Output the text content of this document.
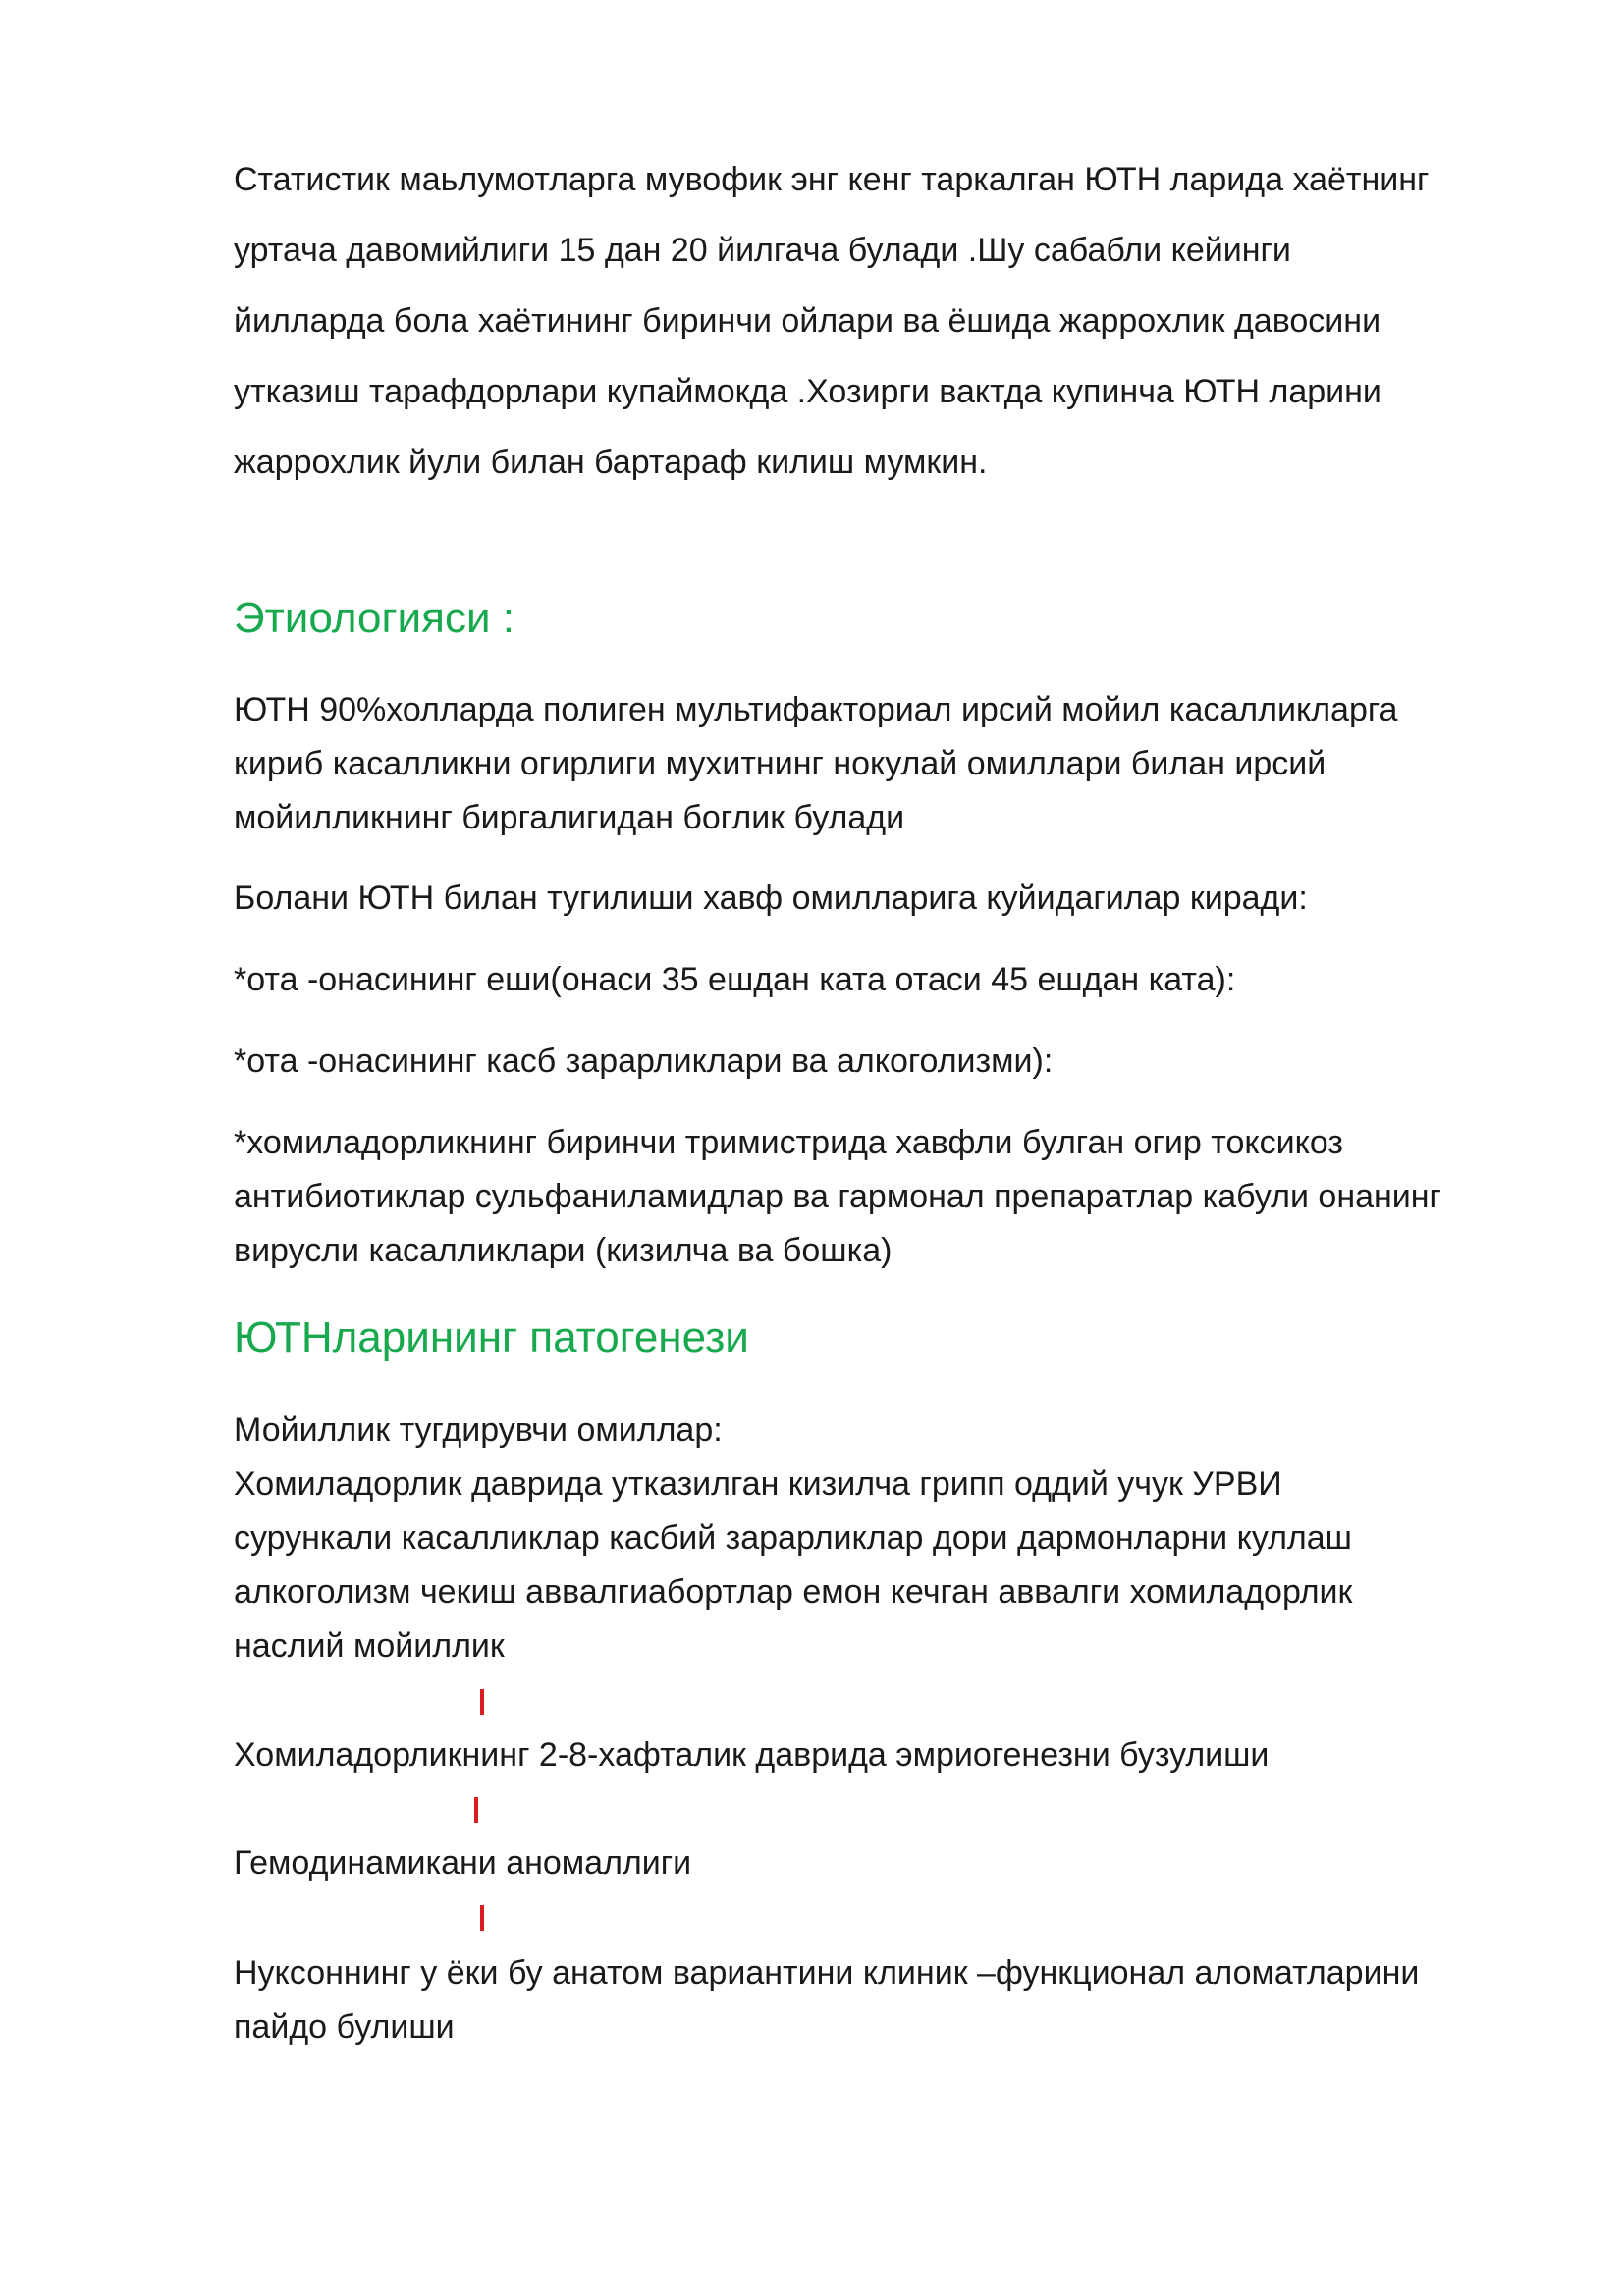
Статистик маьлумотларга мувофик энг кенг таркалган ЮТН ларида хаётнинг
уртача давомийлиги 15 дан 20 йилгача булади .Шу сабабли кейинги
йилларда бола хаётининг биринчи ойлари ва ёшида жаррохлик давосини
утказиш тарафдорлари купаймокда .Хозирги вактда купинча ЮТН ларини
жаррохлик йули билан бартараф килиш мумкин.
Этиологияси :
ЮТН 90%холларда полиген мультифакториал ирсий мойил касалликларга
кириб касалликни огирлиги мухитнинг нокулай омиллари билан ирсий
мойилликнинг биргалигидан боглик булади
Болани ЮТН билан тугилиши хавф омилларига куйидагилар киради:
*ота -онасининг еши(онаси 35 ешдан ката отаси 45 ешдан ката):
*ота -онасининг касб зарарликлари ва алкоголизми):
*хомиладорликнинг биринчи тримистрида хавфли булган огир токсикоз
антибиотиклар сульфаниламидлар ва гармонал препаратлар кабули онанинг
вирусли касалликлари (кизилча ва бошка)
ЮТНларининг патогенези
Мойиллик тугдирувчи омиллар:
Хомиладорлик даврида утказилган кизилча грипп оддий учук УРВИ
сурункали касалликлар касбий зарарликлар дори дармонларни куллаш
алкоголизм чекиш аввалгиабортлар емон кечган аввалги хомиладорлик
наслий мойиллик
Хомиладорликнинг 2-8-хафталик даврида эмриогенезни бузулиши
Гемодинамикани аномаллиги
Нуксоннинг у ёки бу анатом вариантини клиник –функционал аломатларини
пайдо булиши
